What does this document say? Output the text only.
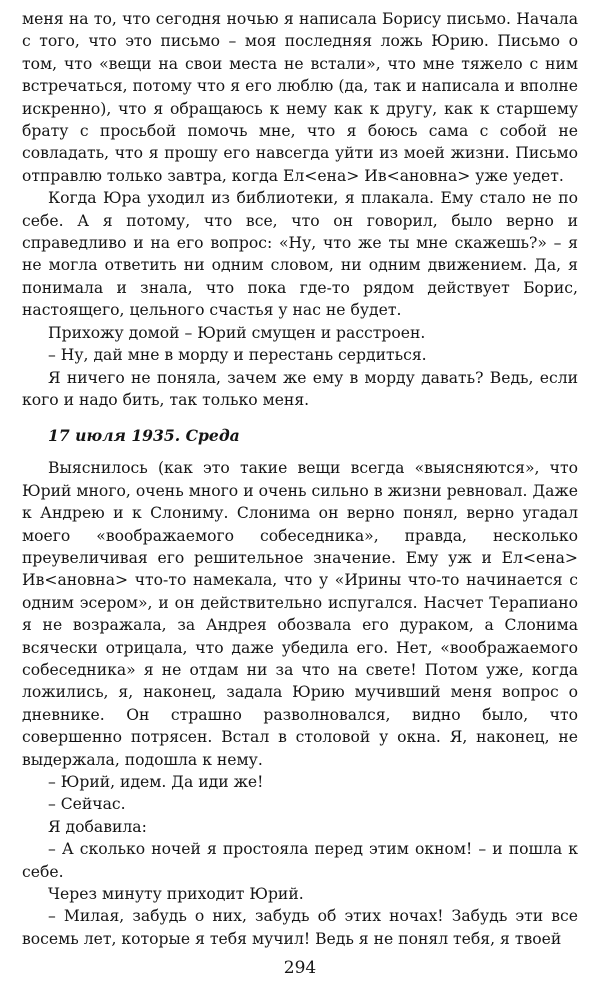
меня на то, что сегодня ночью я написала Борису письмо. Начала с того, что это письмо – моя последняя ложь Юрию. Письмо о том, что «вещи на свои места не встали», что мне тяжело с ним встречаться, потому что я его люблю (да, так и написала и вполне искренно), что я обращаюсь к нему как к другу, как к старшему брату с просьбой помочь мне, что я боюсь сама с собой не совладать, что я прошу его навсегда уйти из моей жизни. Письмо отправлю только завтра, когда Ел<ена> Ив<ановна> уже уедет.

Когда Юра уходил из библиотеки, я плакала. Ему стало не по себе. А я потому, что все, что он говорил, было верно и справедливо и на его вопрос: «Ну, что же ты мне скажешь?» – я не могла ответить ни одним словом, ни одним движением. Да, я понимала и знала, что пока где-то рядом действует Борис, настоящего, цельного счастья у нас не будет.

Прихожу домой – Юрий смущен и расстроен.

– Ну, дай мне в морду и перестань сердиться.

Я ничего не поняла, зачем же ему в морду давать? Ведь, если кого и надо бить, так только меня.

17 июля 1935. Среда

Выяснилось (как это такие вещи всегда «выясняются», что Юрий много, очень много и очень сильно в жизни ревновал. Даже к Андрею и к Слониму. Слонима он верно понял, верно угадал моего «воображаемого собеседника», правда, несколько преувеличивая его решительное значение. Ему уж и Ел<ена> Ив<ановна> что-то намекала, что у «Ирины что-то начинается с одним эсером», и он действительно испугался. Насчет Терапиано я не возражала, за Андрея обозвала его дураком, а Слонима всячески отрицала, что даже убедила его. Нет, «воображаемого собеседника» я не отдам ни за что на свете! Потом уже, когда ложились, я, наконец, задала Юрию мучивший меня вопрос о дневнике. Он страшно разволновался, видно было, что совершенно потрясен. Встал в столовой у окна. Я, наконец, не выдержала, подошла к нему.

– Юрий, идем. Да иди же!

– Сейчас.

Я добавила:

– А сколько ночей я простояла перед этим окном! – и пошла к себе.

Через минуту приходит Юрий.

– Милая, забудь о них, забудь об этих ночах! Забудь эти все восемь лет, которые я тебя мучил! Ведь я не понял тебя, я твоей

294
